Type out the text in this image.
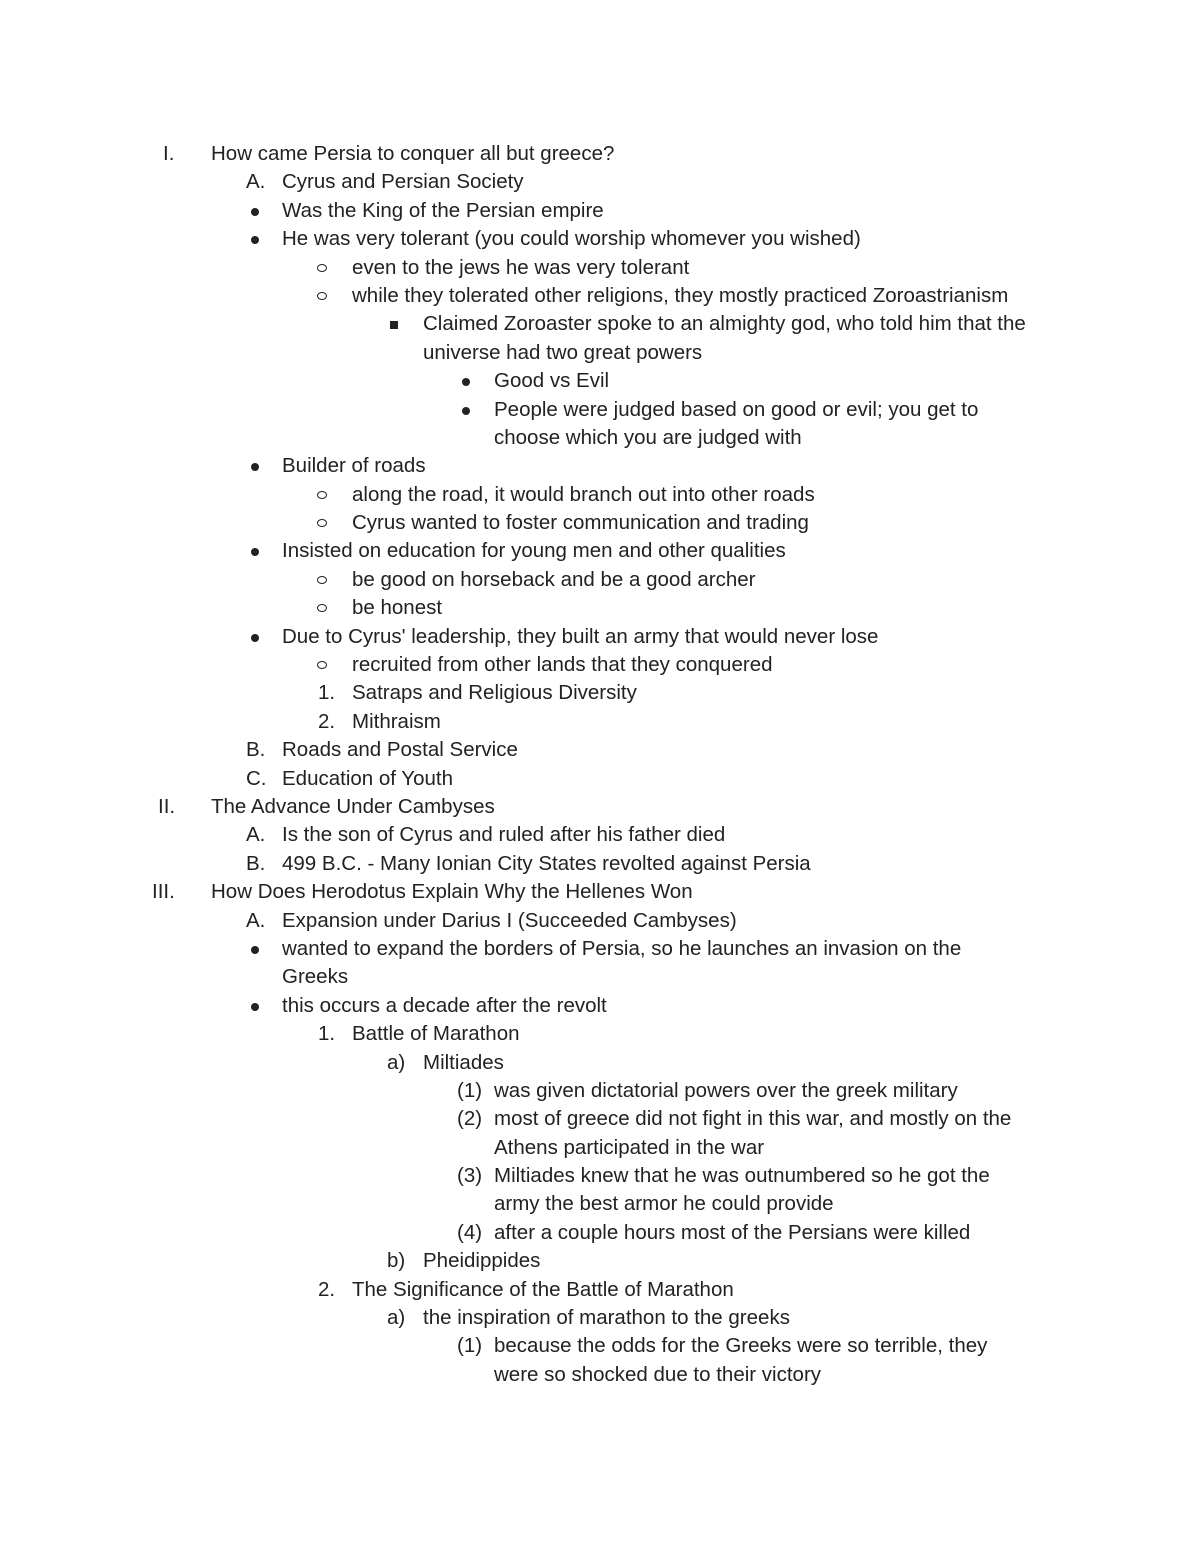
I. How came Persia to conquer all but greece?
A. Cyrus and Persian Society
Was the King of the Persian empire
He was very tolerant (you could worship whomever you wished)
even to the jews he was very tolerant
while they tolerated other religions, they mostly practiced Zoroastrianism
Claimed Zoroaster spoke to an almighty god, who told him that the
universe had two great powers
Good vs Evil
People were judged based on good or evil; you get to
choose which you are judged with
Builder of roads
along the road, it would branch out into other roads
Cyrus wanted to foster communication and trading
Insisted on education for young men and other qualities
be good on horseback and be a good archer
be honest
Due to Cyrus' leadership, they built an army that would never lose
recruited from other lands that they conquered
1. Satraps and Religious Diversity
2. Mithraism
B. Roads and Postal Service
C. Education of Youth
II. The Advance Under Cambyses
A. Is the son of Cyrus and ruled after his father died
B. 499 B.C. - Many Ionian City States revolted against Persia
III. How Does Herodotus Explain Why the Hellenes Won
A. Expansion under Darius I (Succeeded Cambyses)
wanted to expand the borders of Persia, so he launches an invasion on the
Greeks
this occurs a decade after the revolt
1. Battle of Marathon
a) Miltiades
(1) was given dictatorial powers over the greek military
(2) most of greece did not fight in this war, and mostly on the
Athens participated in the war
(3) Miltiades knew that he was outnumbered so he got the
army the best armor he could provide
(4) after a couple hours most of the Persians were killed
b) Pheidippides
2. The Significance of the Battle of Marathon
a) the inspiration of marathon to the greeks
(1) because the odds for the Greeks were so terrible, they
were so shocked due to their victory
